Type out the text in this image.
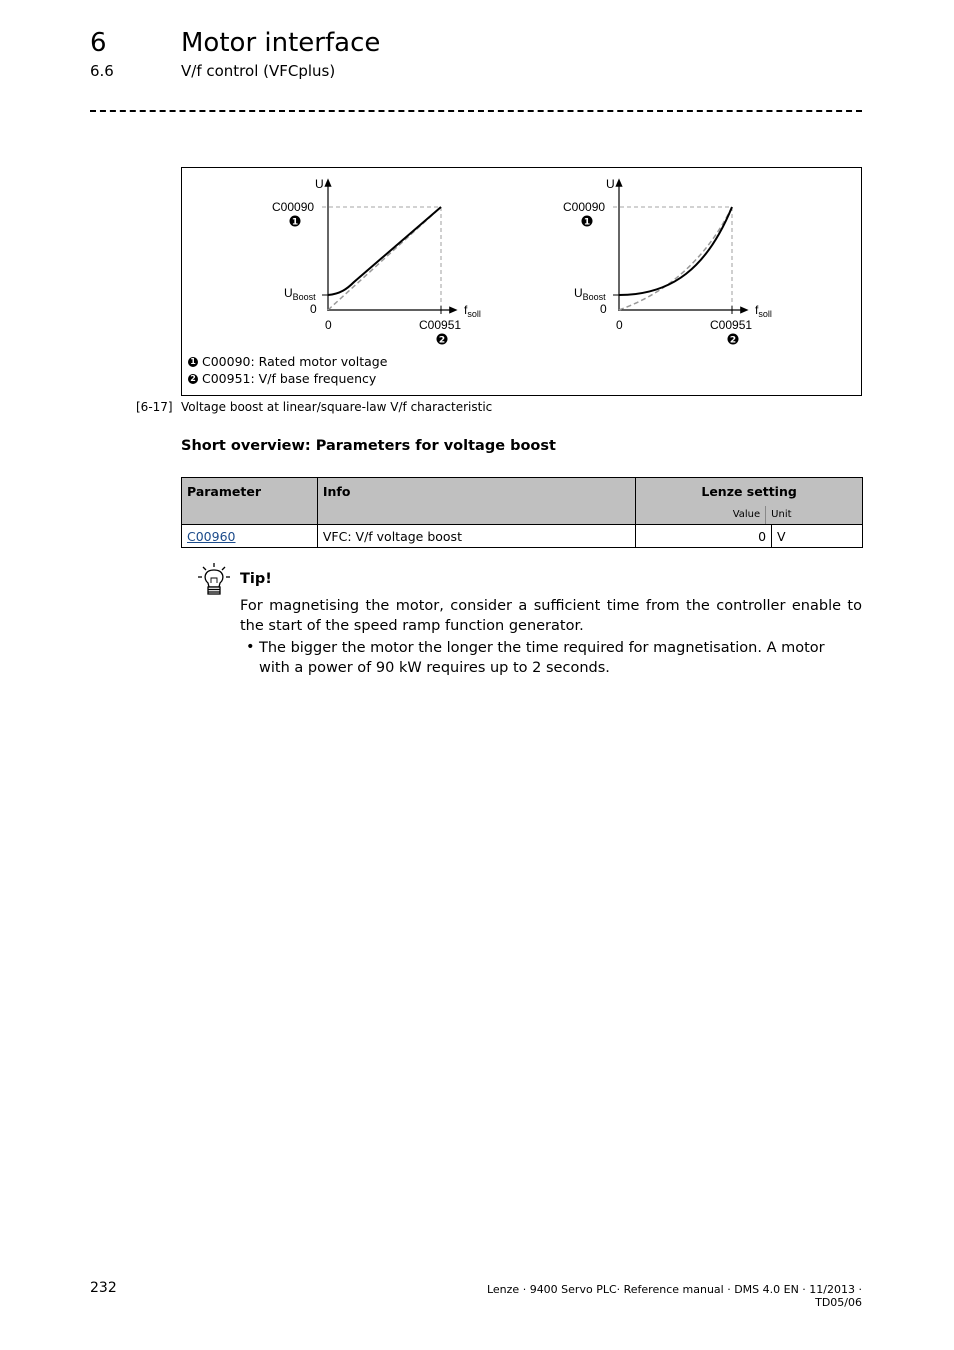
6	Motor interface
6.6	V/f control (VFCplus)
U
C00090
1
$U_{Boost}$
0
0
$f_{soll}$
C00951
2
U
C00090
1
$U_{Boost}$
0
0
$f_{soll}$
C00951
2
1 C00090: Rated motor voltage
2 C00951: V/f base frequency
[6-17] Voltage boost at linear/square-law V/f characteristic
Short overview: Parameters for voltage boost
Parameter	Info	Lenze setting
Value Unit	

C00960	VFC: V/f voltage boost	0	V
Tip!
For magnetising the motor, consider a sufficient time from the controller enable to the start of the speed ramp function generator.
• The bigger the motor the longer the time required for magnetisation. A motor with a power of 90 kW requires up to 2 seconds.
232	Lenze · 9400 Servo PLC· Reference manual · DMS 4.0 EN · 11/2013 · TD05/06
